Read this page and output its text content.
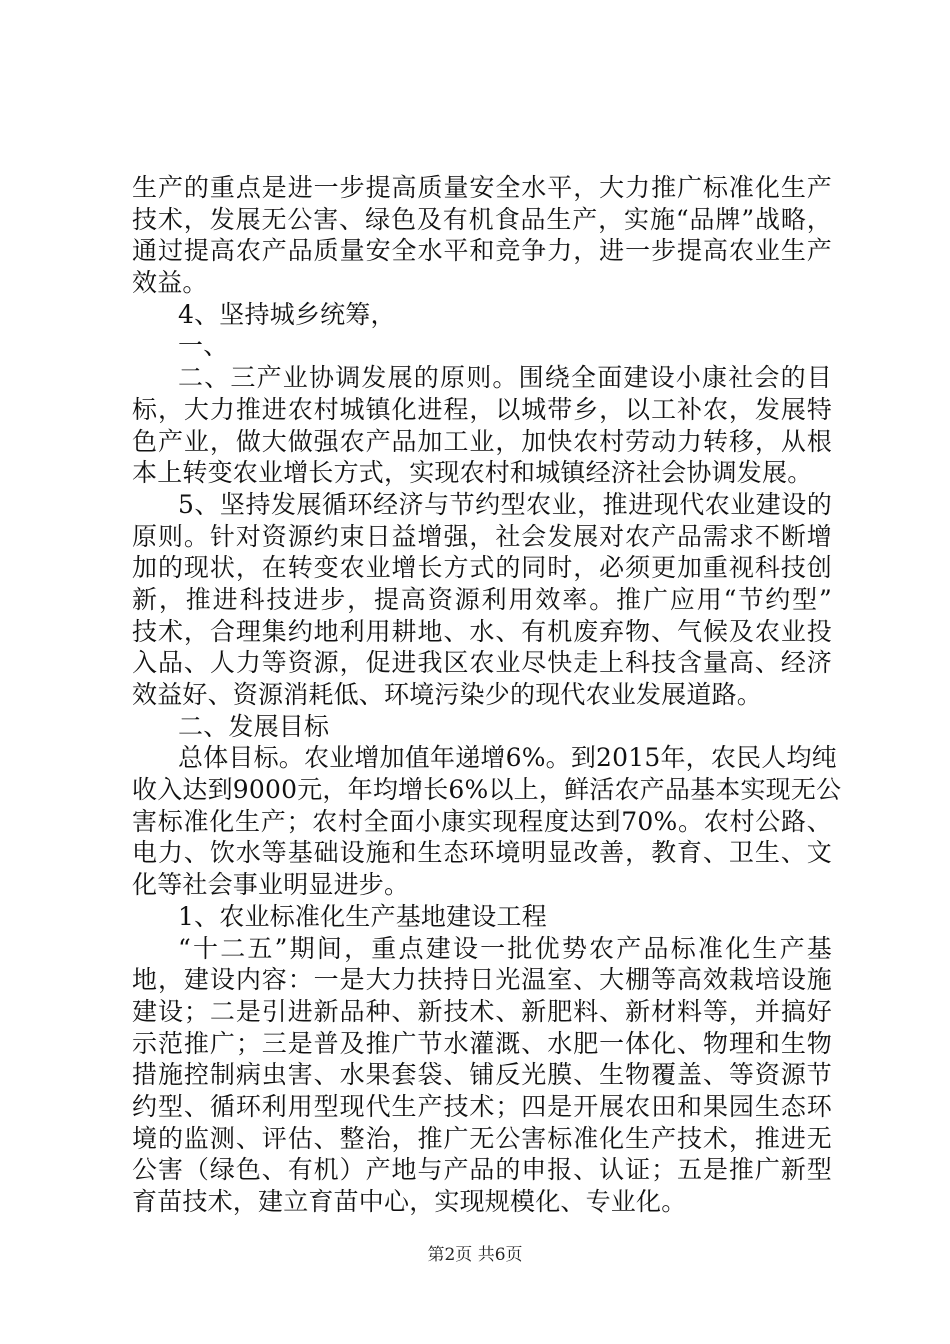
生产的重点是进一步提高质量安全水平，大力推广标准化生产
技术，发展无公害、绿色及有机食品生产，实施“品牌”战略，
通过提高农产品质量安全水平和竞争力，进一步提高农业生产
效益。
4、坚持城乡统筹，
一、
二、三产业协调发展的原则。围绕全面建设小康社会的目
标，大力推进农村城镇化进程，以城带乡，以工补农，发展特
色产业，做大做强农产品加工业，加快农村劳动力转移，从根
本上转变农业增长方式，实现农村和城镇经济社会协调发展。
5、坚持发展循环经济与节约型农业，推进现代农业建设的
原则。针对资源约束日益增强，社会发展对农产品需求不断增
加的现状，在转变农业增长方式的同时，必须更加重视科技创
新，推进科技进步，提高资源利用效率。推广应用“节约型”
技术，合理集约地利用耕地、水、有机废弃物、气候及农业投
入品、人力等资源，促进我区农业尽快走上科技含量高、经济
效益好、资源消耗低、环境污染少的现代农业发展道路。
二、发展目标
总体目标。农业增加值年递增6%。到2015年，农民人均纯
收入达到9000元，年均增长6%以上，鲜活农产品基本实现无公
害标准化生产；农村全面小康实现程度达到70%。农村公路、
电力、饮水等基础设施和生态环境明显改善，教育、卫生、文
化等社会事业明显进步。
1、农业标准化生产基地建设工程
“十二五”期间，重点建设一批优势农产品标准化生产基
地，建设内容：一是大力扶持日光温室、大棚等高效栽培设施
建设；二是引进新品种、新技术、新肥料、新材料等，并搞好
示范推广；三是普及推广节水灌溉、水肥一体化、物理和生物
措施控制病虫害、水果套袋、铺反光膜、生物覆盖、等资源节
约型、循环利用型现代生产技术；四是开展农田和果园生态环
境的监测、评估、整治，推广无公害标准化生产技术，推进无
公害（绿色、有机）产地与产品的申报、认证；五是推广新型
育苗技术，建立育苗中心，实现规模化、专业化。
第2页 共6页
